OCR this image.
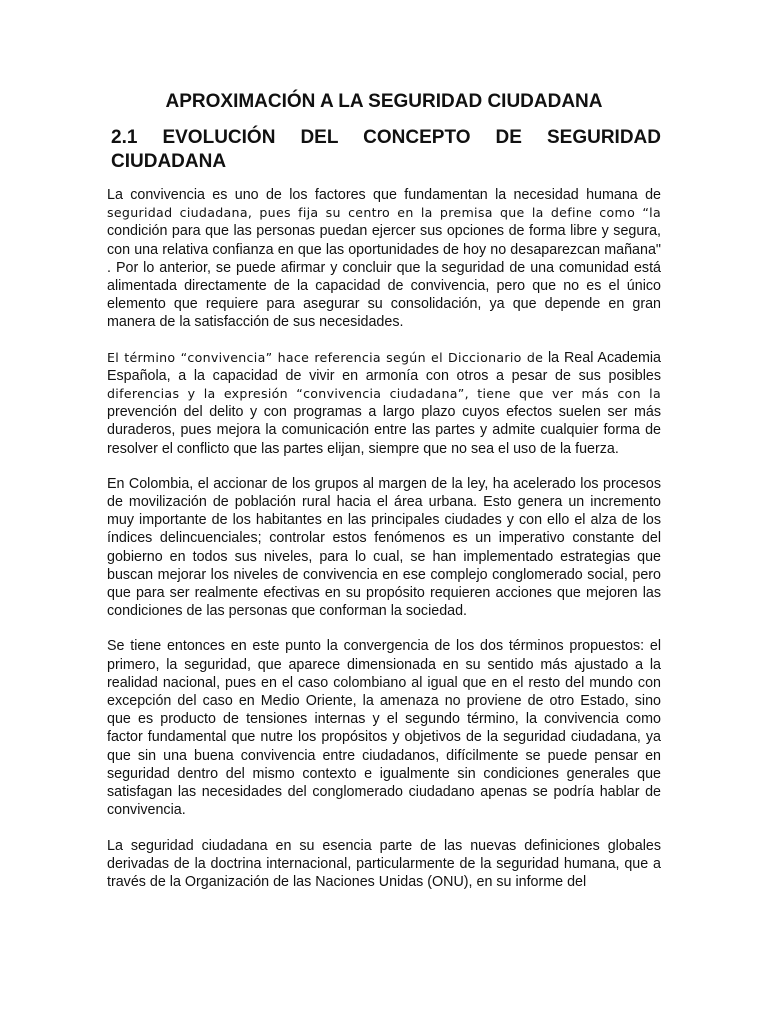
APROXIMACIÓN A LA SEGURIDAD CIUDADANA
2.1 EVOLUCIÓN DEL CONCEPTO DE SEGURIDAD CIUDADANA

La convivencia es uno de los factores que fundamentan la necesidad humana de seguridad ciudadana, pues fija su centro en la premisa que la define como “la condición para que las personas puedan ejercer sus opciones de forma libre y segura, con una relativa confianza en que las oportunidades de hoy no desaparezcan mañana" . Por lo anterior, se puede afirmar y concluir que la seguridad de una comunidad está alimentada directamente de la capacidad de convivencia, pero que no es el único elemento que requiere para asegurar su consolidación, ya que depende en gran manera de la satisfacción de sus necesidades.

El término “convivencia” hace referencia según el Diccionario de la Real Academia Española, a la capacidad de vivir en armonía con otros a pesar de sus posibles diferencias y la expresión “convivencia ciudadana”, tiene que ver más con la prevención del delito y con programas a largo plazo cuyos efectos suelen ser más duraderos, pues mejora la comunicación entre las partes y admite cualquier forma de resolver el conflicto que las partes elijan, siempre que no sea el uso de la fuerza.

En Colombia, el accionar de los grupos al margen de la ley, ha acelerado los procesos de movilización de población rural hacia el área urbana. Esto genera un incremento muy importante de los habitantes en las principales ciudades y con ello el alza de los índices delincuenciales; controlar estos fenómenos es un imperativo constante del gobierno en todos sus niveles, para lo cual, se han implementado estrategias que buscan mejorar los niveles de convivencia en ese complejo conglomerado social, pero que para ser realmente efectivas en su propósito requieren acciones que mejoren las condiciones de las personas que conforman la sociedad.

Se tiene entonces en este punto la convergencia de los dos términos propuestos: el primero, la seguridad, que aparece dimensionada en su sentido más ajustado a la realidad nacional, pues en el caso colombiano al igual que en el resto del mundo con excepción del caso en Medio Oriente, la amenaza no proviene de otro Estado, sino que es producto de tensiones internas y el segundo término, la convivencia como factor fundamental que nutre los propósitos y objetivos de la seguridad ciudadana, ya que sin una buena convivencia entre ciudadanos, difícilmente se puede pensar en seguridad dentro del mismo contexto e igualmente sin condiciones generales que satisfagan las necesidades del conglomerado ciudadano apenas se podría hablar de convivencia.

La seguridad ciudadana en su esencia parte de las nuevas definiciones globales derivadas de la doctrina internacional, particularmente de la seguridad humana, que a través de la Organización de las Naciones Unidas (ONU), en su informe del
